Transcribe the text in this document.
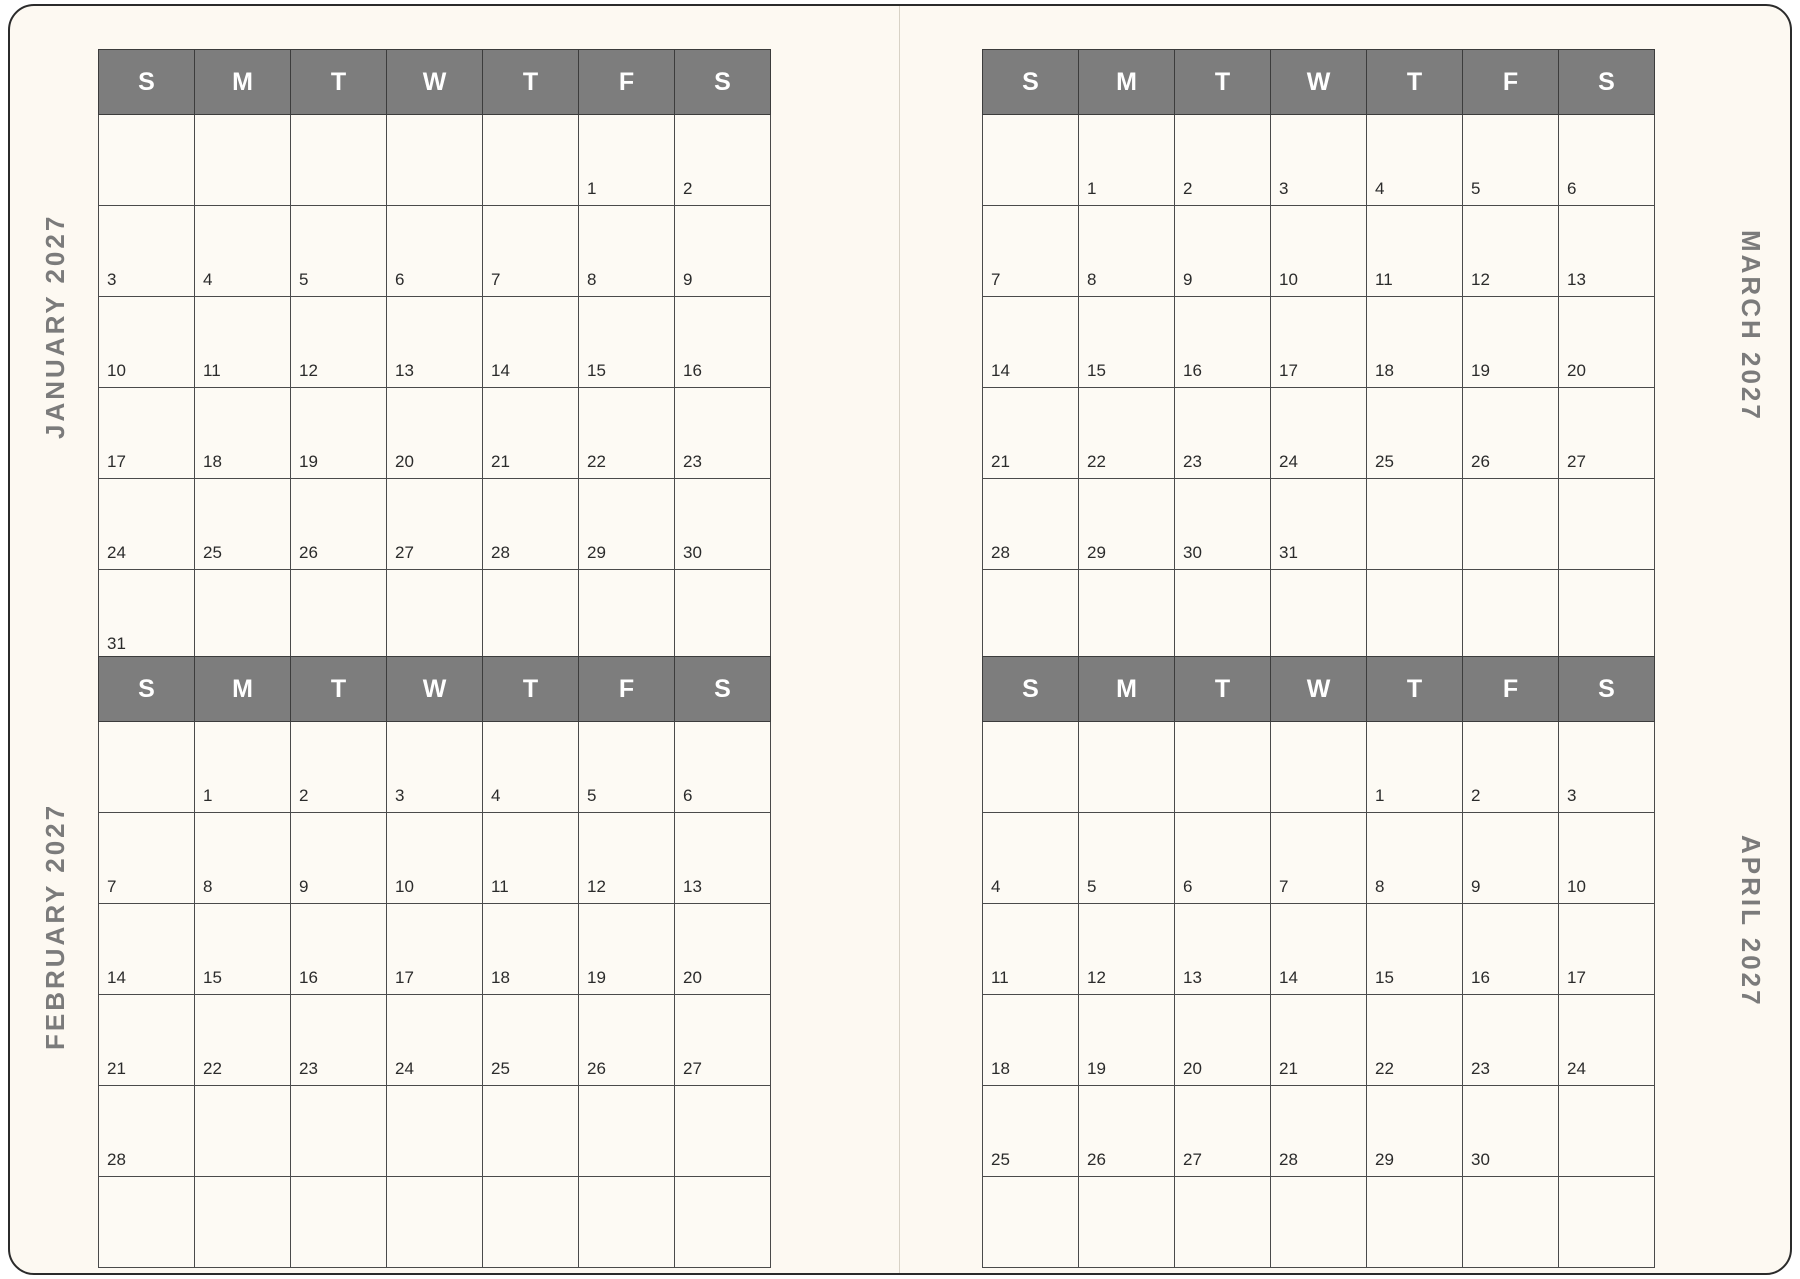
JANUARY 2027
S	M	T	W	T	F	S
					1	2
3	4	5	6	7	8	9
10	11	12	13	14	15	16
17	18	19	20	21	22	23
24	25	26	27	28	29	30
31						
FEBRUARY 2027
S	M	T	W	T	F	S
	1	2	3	4	5	6
7	8	9	10	11	12	13
14	15	16	17	18	19	20
21	22	23	24	25	26	27
28						

MARCH 2027
S	M	T	W	T	F	S
	1	2	3	4	5	6
7	8	9	10	11	12	13
14	15	16	17	18	19	20
21	22	23	24	25	26	27
28	29	30	31			

APRIL 2027
S	M	T	W	T	F	S
				1	2	3
4	5	6	7	8	9	10
11	12	13	14	15	16	17
18	19	20	21	22	23	24
25	26	27	28	29	30	
